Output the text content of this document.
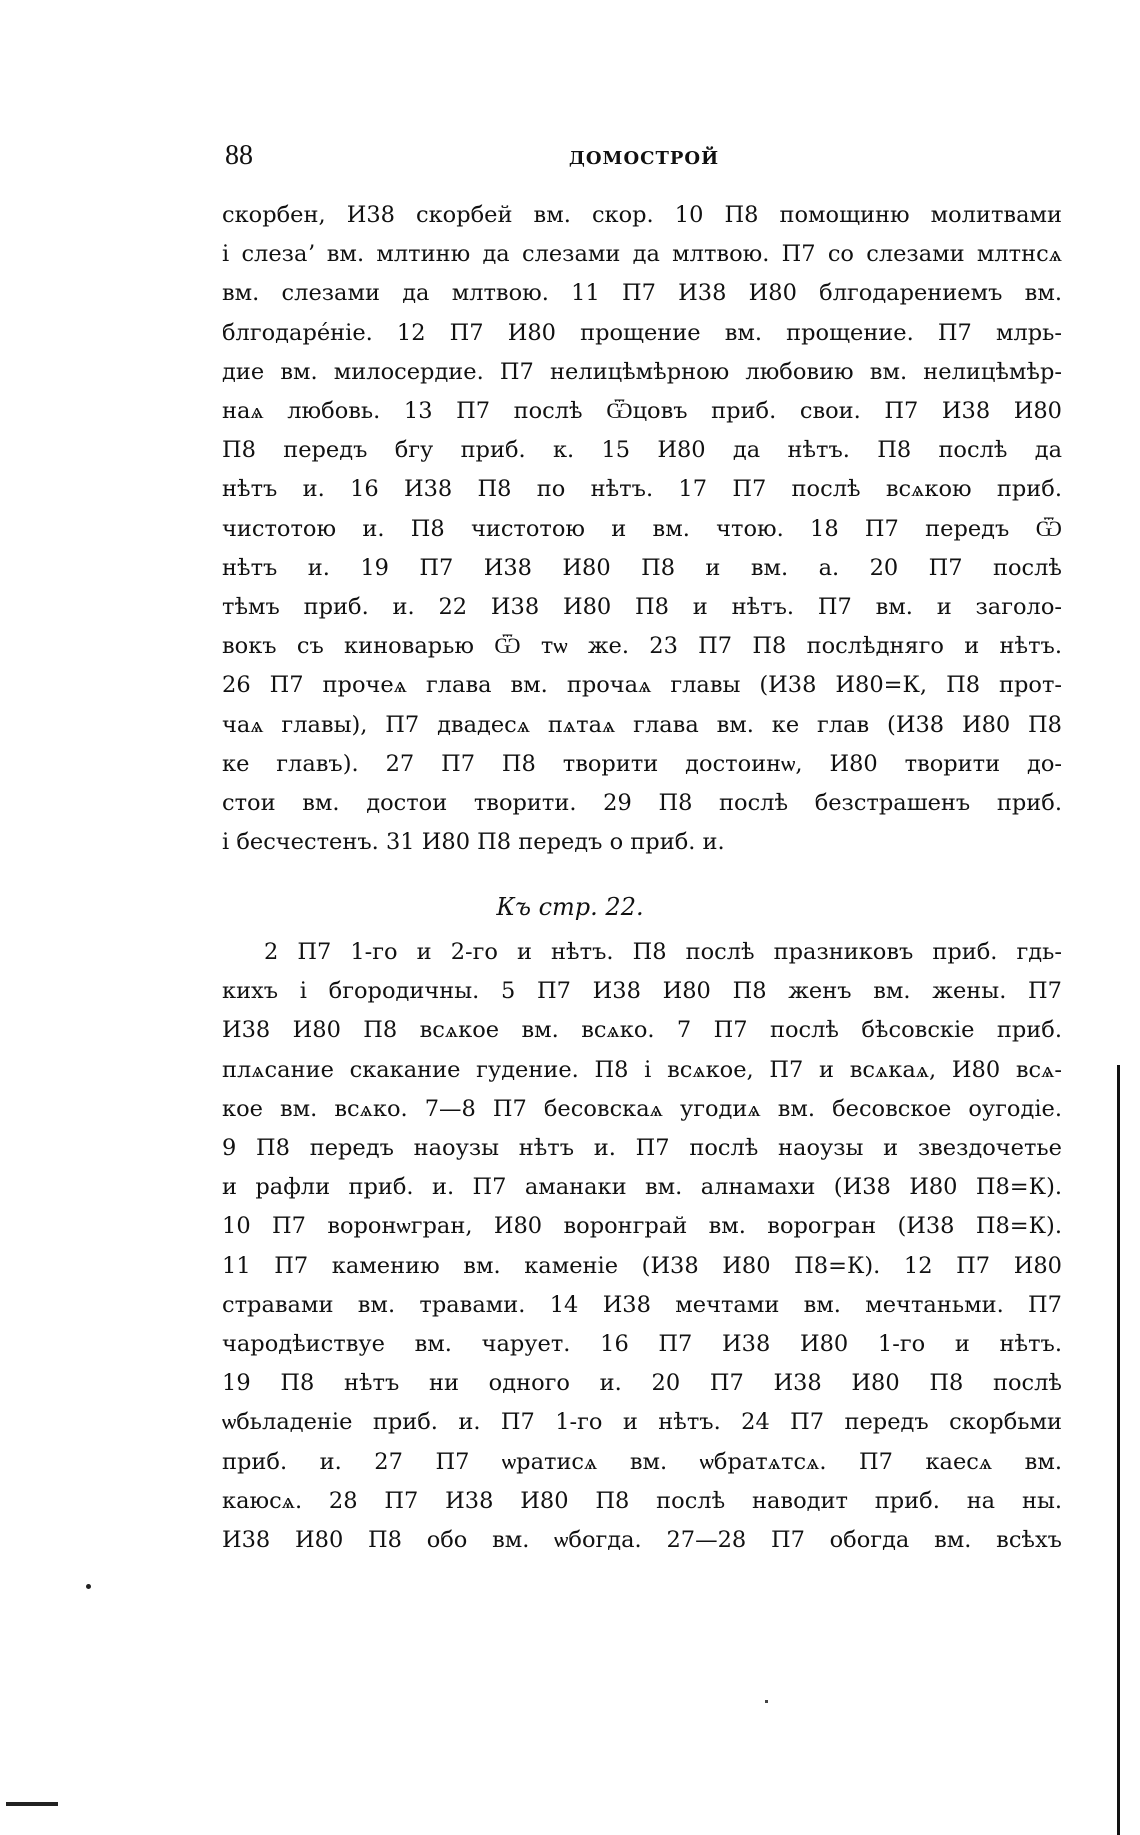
88	ДОМОСТРОЙ
скорбен, И38 скорбей вм. скор. 10 П8 помощиню молитвами
і слезаʼ вм. млтиню да слезами да млтвою. П7 со слезами млтнсѧ
вм. слезами да млтвою. 11 П7 И38 И80 блгодарениемъ вм.
блгодарéніе. 12 П7 И80 прощение вм. прощение. П7 млрь-
дие вм. милосердие. П7 нелицѣмѣрною любовию вм. нелицѣмѣр-
наѧ любовь. 13 П7 послѣ Ѿцовъ приб. свои. П7 И38 И80
П8 передъ бгу приб. к. 15 И80 да нѣтъ. П8 послѣ да
нѣтъ и. 16 И38 П8 по нѣтъ. 17 П7 послѣ всѧкою приб.
чистотою и. П8 чистотою и вм. чтою. 18 П7 передъ Ѿ
нѣтъ и. 19 П7 И38 И80 П8 и вм. а. 20 П7 послѣ
тѣмъ приб. и. 22 И38 И80 П8 и нѣтъ. П7 вм. и заголо-
вокъ съ киноварью Ѿ тѡ же. 23 П7 П8 послѣдняго и нѣтъ.
26 П7 прочеѧ глава вм. прочаѧ главы (И38 И80=К, П8 прот-
чаѧ главы), П7 двадесѧ пѧтаѧ глава вм. ке глав (И38 И80 П8
ке главъ). 27 П7 П8 творити достоинѡ, И80 творити до-
стои вм. достои творити. 29 П8 послѣ безстрашенъ приб.
і бесчестенъ. 31 И80 П8 передъ о приб. и.
Къ стр. 22.
2 П7 1-го и 2-го и нѣтъ. П8 послѣ празниковъ приб. гдь-
кихъ і бгородичны. 5 П7 И38 И80 П8 женъ вм. жены. П7
И38 И80 П8 всѧкое вм. всѧко. 7 П7 послѣ бѣсовскіе приб.
плѧсание скакание гудение. П8 і всѧкое, П7 и всѧкаѧ, И80 всѧ-
кое вм. всѧко. 7—8 П7 бесовскаѧ угодиѧ вм. бесовское оугодіе.
9 П8 передъ наоузы нѣтъ и. П7 послѣ наоузы и звездочетье
и рафли приб. и. П7 аманаки вм. алнамахи (И38 И80 П8=К).
10 П7 воронѡгран, И80 воронграй вм. ворогран (И38 П8=К).
11 П7 камению вм. каменіе (И38 И80 П8=К). 12 П7 И80
стравами вм. травами. 14 И38 мечтами вм. мечтаньми. П7
чародѣиствуе вм. чарует. 16 П7 И38 И80 1-го и нѣтъ.
19 П8 нѣтъ ни одного и. 20 П7 И38 И80 П8 послѣ
ѡбьладеніе приб. и. П7 1-го и нѣтъ. 24 П7 передъ скорбьми
приб. и. 27 П7 ѡратисѧ вм. ѡбратѧтсѧ. П7 каесѧ вм.
каюсѧ. 28 П7 И38 И80 П8 послѣ наводит приб. на ны.
И38 И80 П8 обо вм. ѡбогда. 27—28 П7 обогда вм. всѣхъ
